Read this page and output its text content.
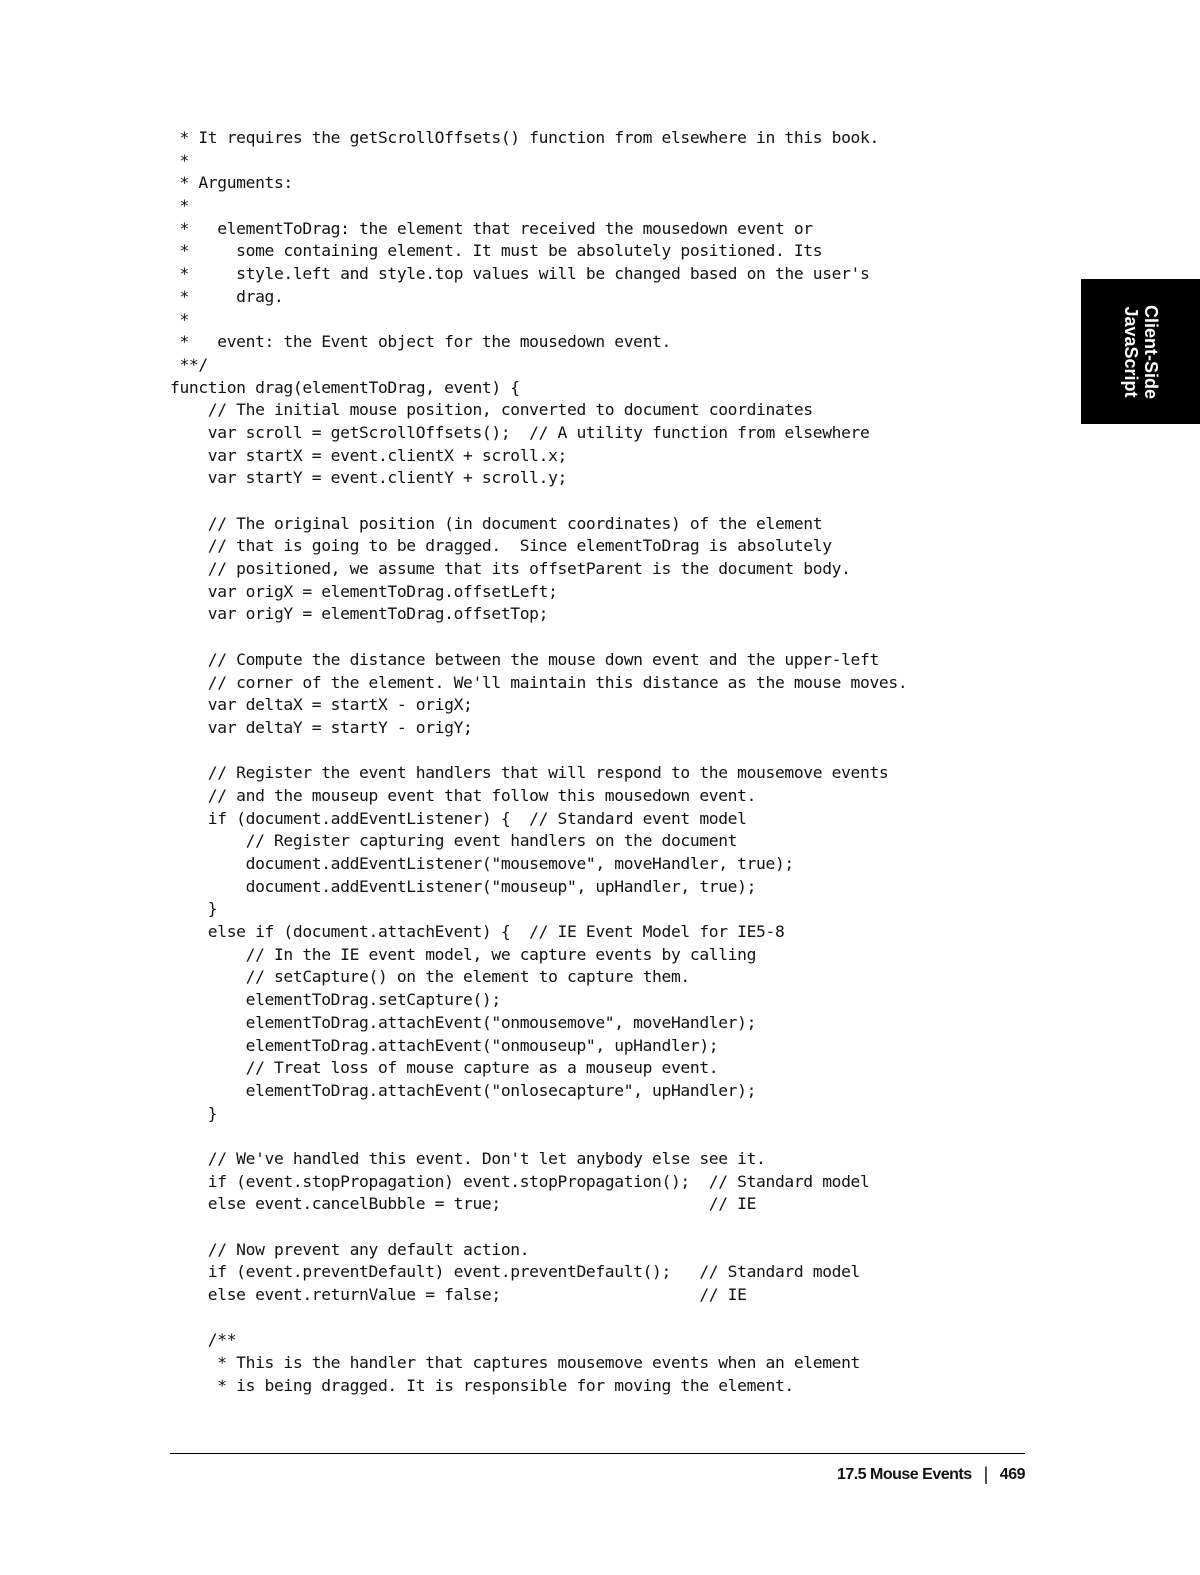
* It requires the getScrollOffsets() function from elsewhere in this book.
*
* Arguments:
*
*   elementToDrag: the element that received the mousedown event or
*     some containing element. It must be absolutely positioned. Its
*     style.left and style.top values will be changed based on the user's
*     drag.
*
*   event: the Event object for the mousedown event.
**/
function drag(elementToDrag, event) {
// The initial mouse position, converted to document coordinates
var scroll = getScrollOffsets();  // A utility function from elsewhere
var startX = event.clientX + scroll.x;
var startY = event.clientY + scroll.y;
// The original position (in document coordinates) of the element
// that is going to be dragged.  Since elementToDrag is absolutely
// positioned, we assume that its offsetParent is the document body.
var origX = elementToDrag.offsetLeft;
var origY = elementToDrag.offsetTop;
// Compute the distance between the mouse down event and the upper-left
// corner of the element. We'll maintain this distance as the mouse moves.
var deltaX = startX - origX;
var deltaY = startY - origY;
// Register the event handlers that will respond to the mousemove events
// and the mouseup event that follow this mousedown event.
if (document.addEventListener) {  // Standard event model
// Register capturing event handlers on the document
document.addEventListener("mousemove", moveHandler, true);
document.addEventListener("mouseup", upHandler, true);
}
else if (document.attachEvent) {  // IE Event Model for IE5-8
// In the IE event model, we capture events by calling
// setCapture() on the element to capture them.
elementToDrag.setCapture();
elementToDrag.attachEvent("onmousemove", moveHandler);
elementToDrag.attachEvent("onmouseup", upHandler);
// Treat loss of mouse capture as a mouseup event.
elementToDrag.attachEvent("onlosecapture", upHandler);
}
// We've handled this event. Don't let anybody else see it.
if (event.stopPropagation) event.stopPropagation();  // Standard model
else event.cancelBubble = true;                      // IE
// Now prevent any default action.
if (event.preventDefault) event.preventDefault();   // Standard model
else event.returnValue = false;                     // IE
/**
* This is the handler that captures mousemove events when an element
* is being dragged. It is responsible for moving the element.
Client-Side
JavaScript
17.5 Mouse Events | 469
